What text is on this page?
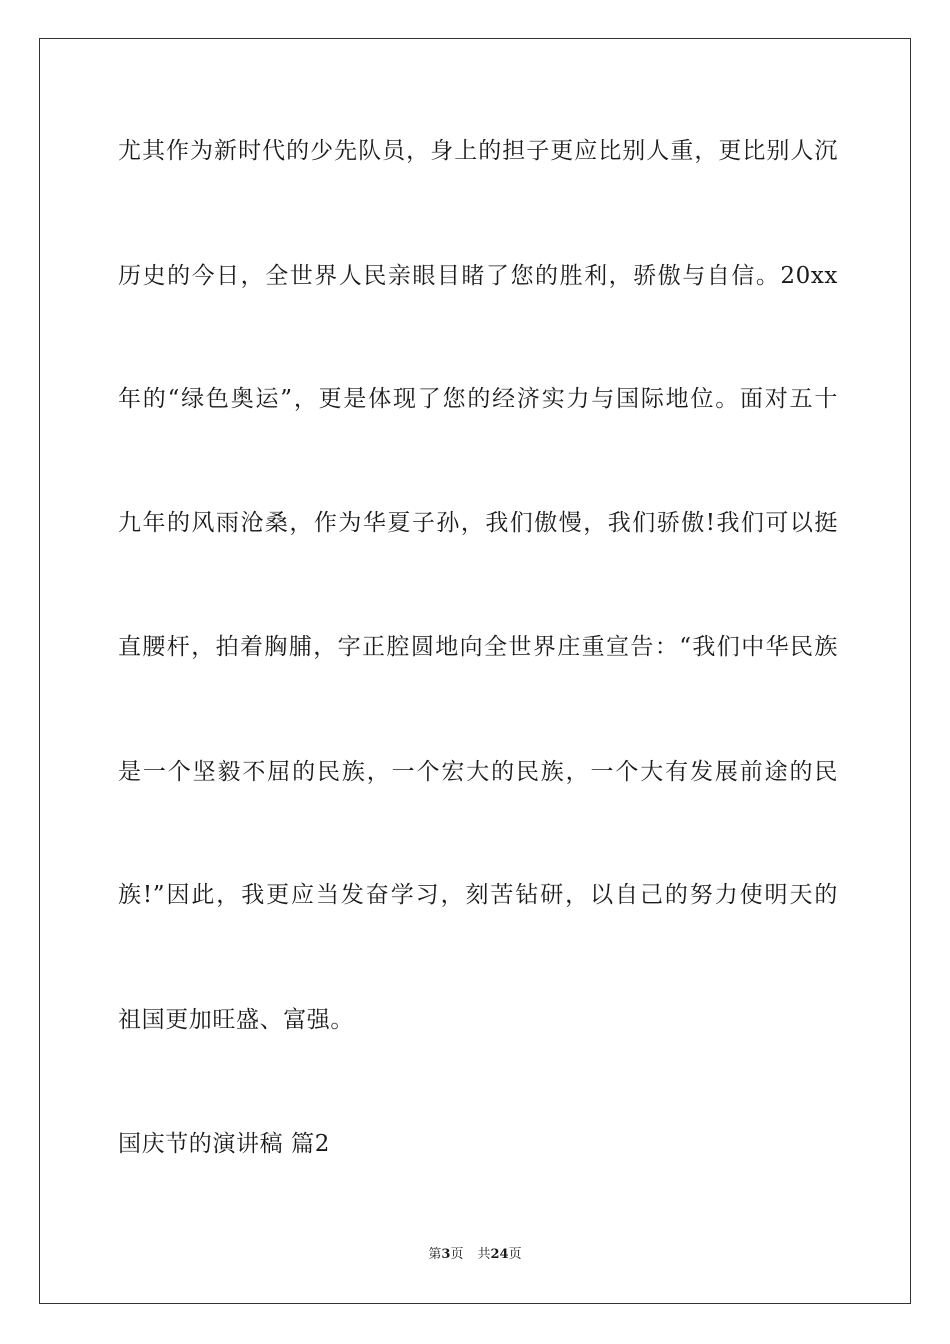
尤其作为新时代的少先队员，身上的担子更应比别人重，更比别人沉
历史的今日，全世界人民亲眼目睹了您的胜利，骄傲与自信。20xx
年的“绿色奥运”，更是体现了您的经济实力与国际地位。面对五十
九年的风雨沧桑，作为华夏子孙，我们傲慢，我们骄傲!我们可以挺
直腰杆，拍着胸脯，字正腔圆地向全世界庄重宣告：“我们中华民族
是一个坚毅不屈的民族，一个宏大的民族，一个大有发展前途的民
族!”因此，我更应当发奋学习，刻苦钻研，以自己的努力使明天的
祖国更加旺盛、富强。
国庆节的演讲稿 篇2
第3页 共24页
